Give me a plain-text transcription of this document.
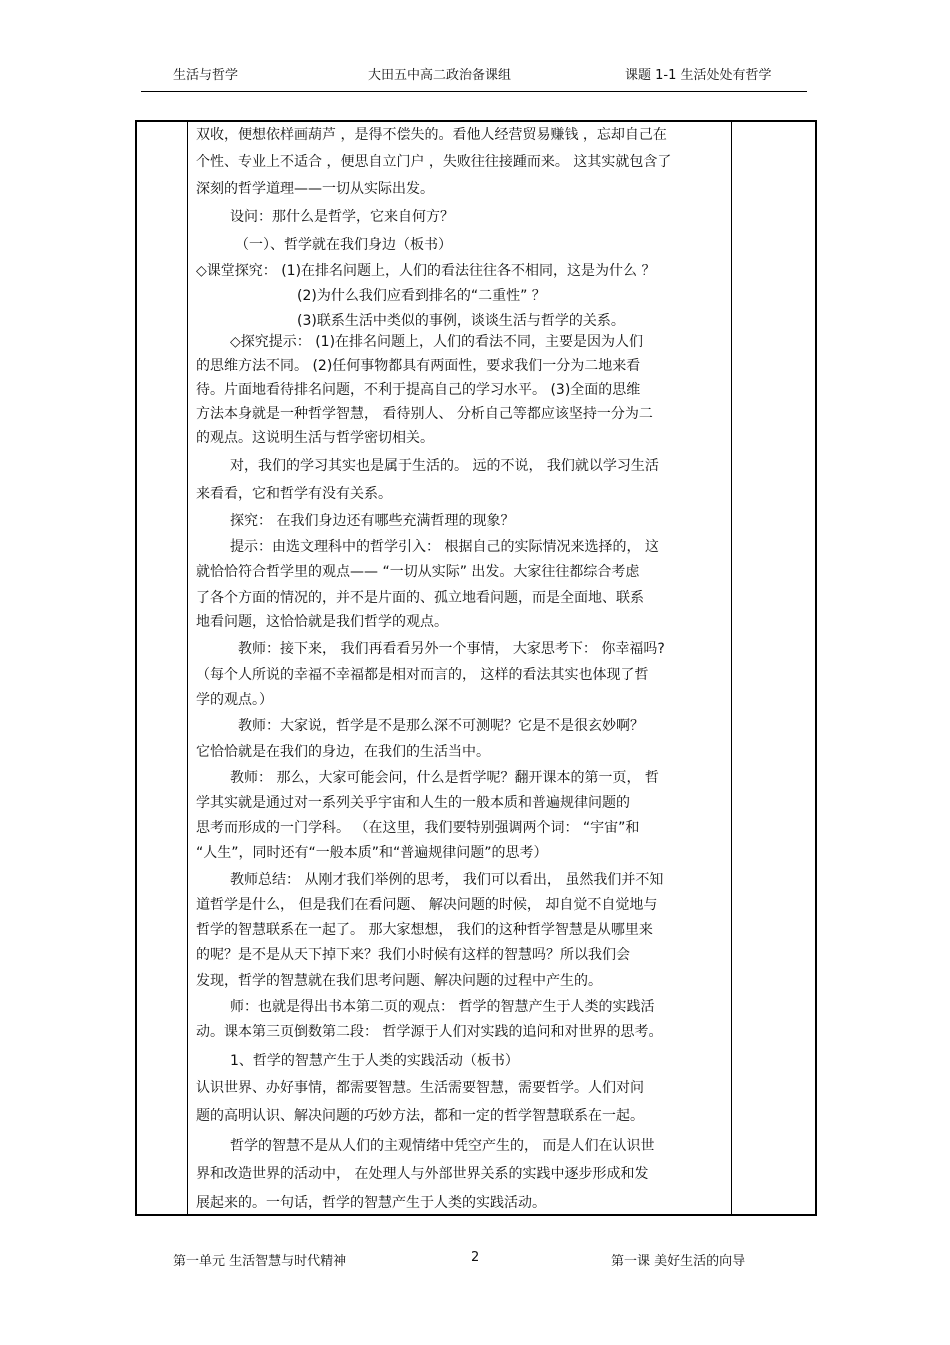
生活与哲学	大田五中高二政治备课组	课题 1-1 生活处处有哲学
双收，便想依样画葫芦 ，是得不偿失的。看他人经营贸易赚钱 ，忘却自己在
个性、专业上不适合 ，便思自立门户 ，失败往往接踵而来。 这其实就包含了
深刻的哲学道理——一切从实际出发。
设问：那什么是哲学，它来自何方？
（一）、哲学就在我们身边（板书）
◇课堂探究： (1)在排名问题上，人们的看法往往各不相同，这是为什么 ？
(2)为什么我们应看到排名的“二重性” ？
(3)联系生活中类似的事例，谈谈生活与哲学的关系。
◇探究提示： (1)在排名问题上，人们的看法不同，主要是因为人们
的思维方法不同。 (2)任何事物都具有两面性，要求我们一分为二地来看
待。片面地看待排名问题，不利于提高自己的学习水平。 (3)全面的思维
方法本身就是一种哲学智慧， 看待别人、 分析自己等都应该坚持一分为二
的观点。这说明生活与哲学密切相关。
对，我们的学习其实也是属于生活的。 远的不说， 我们就以学习生活
来看看，它和哲学有没有关系。
探究： 在我们身边还有哪些充满哲理的现象？
提示：由选文理科中的哲学引入： 根据自己的实际情况来选择的， 这
就恰恰符合哲学里的观点—— “一切从实际” 出发。大家往往都综合考虑
了各个方面的情况的，并不是片面的、孤立地看问题，而是全面地、联系
地看问题，这恰恰就是我们哲学的观点。
教师：接下来， 我们再看看另外一个事情， 大家思考下： 你幸福吗?
（每个人所说的幸福不幸福都是相对而言的， 这样的看法其实也体现了哲
学的观点。）
教师：大家说，哲学是不是那么深不可测呢？它是不是很玄妙啊？
它恰恰就是在我们的身边，在我们的生活当中。
教师： 那么，大家可能会问，什么是哲学呢？翻开课本的第一页， 哲
学其实就是通过对一系列关乎宇宙和人生的一般本质和普遍规律问题的
思考而形成的一门学科。 （在这里，我们要特别强调两个词： “宇宙”和
“人生”，同时还有“一般本质”和“普遍规律问题”的思考）
教师总结： 从刚才我们举例的思考， 我们可以看出， 虽然我们并不知
道哲学是什么， 但是我们在看问题、 解决问题的时候， 却自觉不自觉地与
哲学的智慧联系在一起了。 那大家想想， 我们的这种哲学智慧是从哪里来
的呢？是不是从天下掉下来？我们小时候有这样的智慧吗？所以我们会
发现，哲学的智慧就在我们思考问题、解决问题的过程中产生的。
师：也就是得出书本第二页的观点： 哲学的智慧产生于人类的实践活
动。课本第三页倒数第二段： 哲学源于人们对实践的追问和对世界的思考。
1、哲学的智慧产生于人类的实践活动（板书）
认识世界、办好事情，都需要智慧。生活需要智慧，需要哲学。人们对问
题的高明认识、解决问题的巧妙方法，都和一定的哲学智慧联系在一起。
哲学的智慧不是从人们的主观情绪中凭空产生的， 而是人们在认识世
界和改造世界的活动中， 在处理人与外部世界关系的实践中逐步形成和发
展起来的。一句话，哲学的智慧产生于人类的实践活动。
第一单元 生活智慧与时代精神	2	第一课 美好生活的向导
